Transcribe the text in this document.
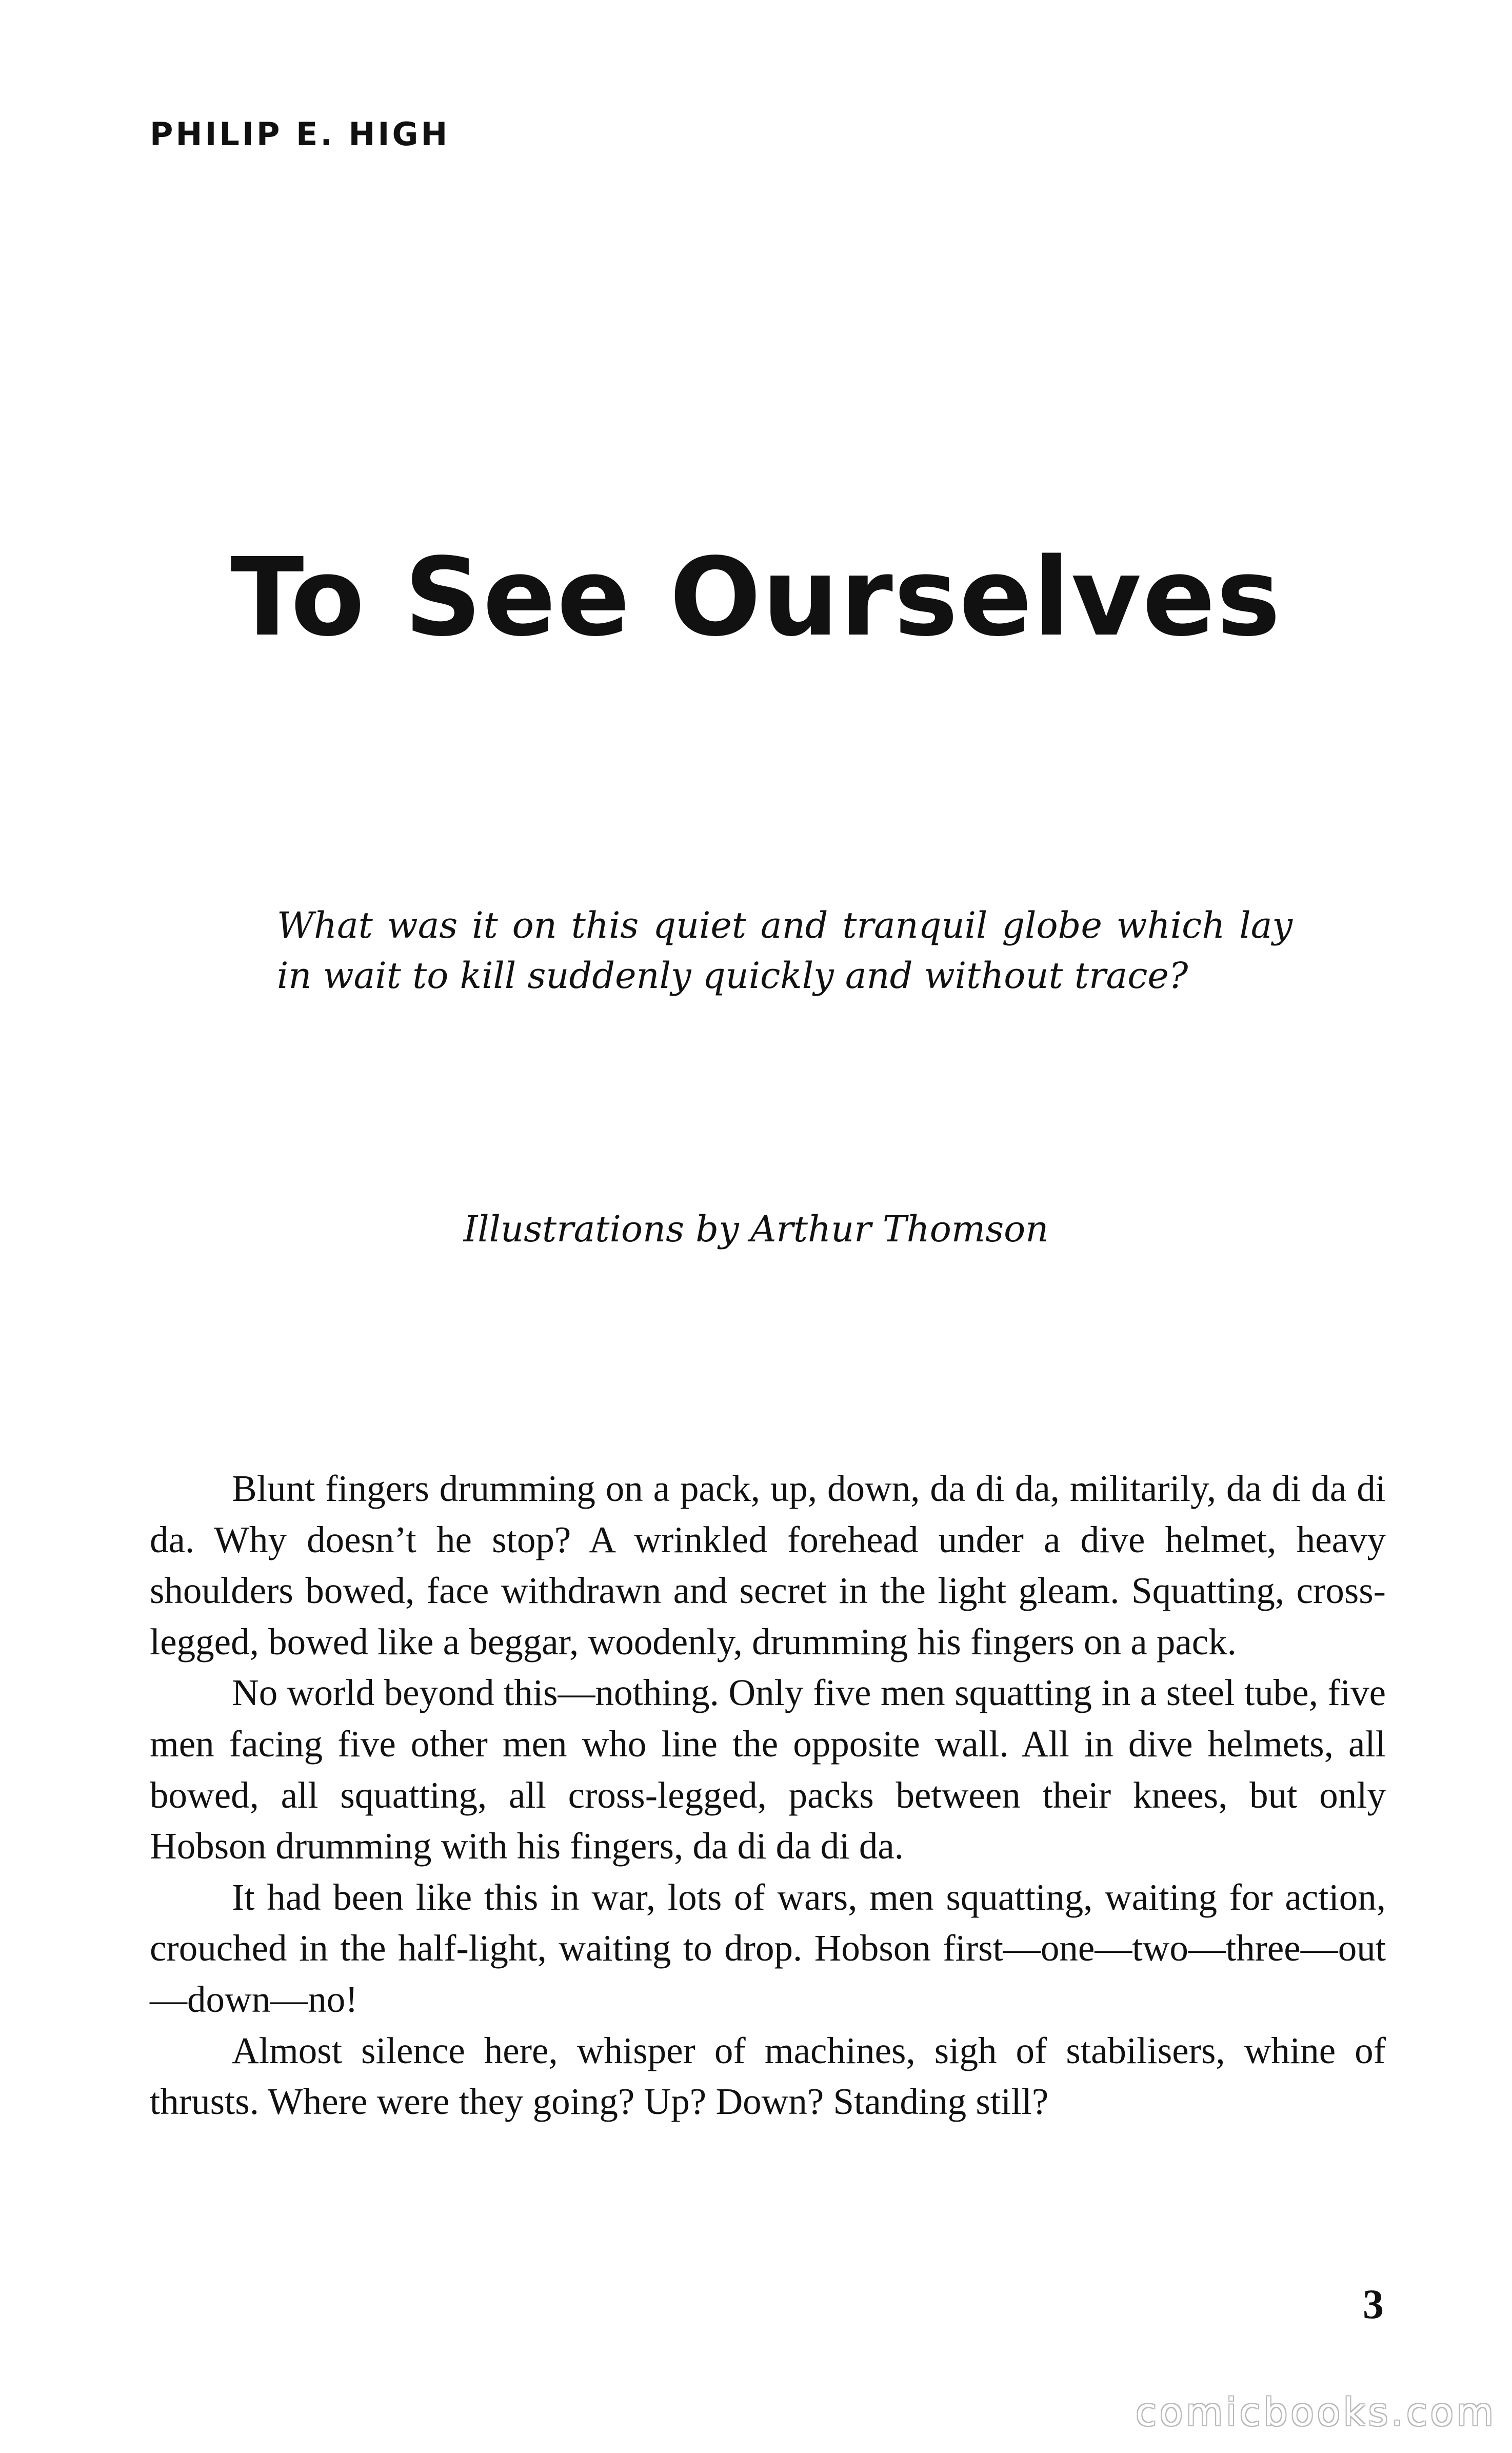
PHILIP E. HIGH
To See Ourselves
What was it on this quiet and tranquil globe which lay in wait to kill suddenly quickly and without trace?
Illustrations by Arthur Thomson

Blunt fingers drumming on a pack, up, down, da di da, militarily, da di da di da. Why doesn’t he stop? A wrinkled forehead under a dive helmet, heavy shoulders bowed, face withdrawn and secret in the light gleam. Squatting, cross-legged, bowed like a beggar, woodenly, drumming his fingers on a pack.

No world beyond this—nothing. Only five men squatting in a steel tube, five men facing five other men who line the opposite wall. All in dive helmets, all bowed, all squatting, all cross-legged, packs between their knees, but only Hobson drumming with his fingers, da di da di da.

It had been like this in war, lots of wars, men squatting, waiting for action, crouched in the half-light, waiting to drop. Hobson first—one—two—three—out—down—no!

Almost silence here, whisper of machines, sigh of stabilisers, whine of thrusts. Where were they going? Up? Down? Standing still?

3
comicbooks.com
